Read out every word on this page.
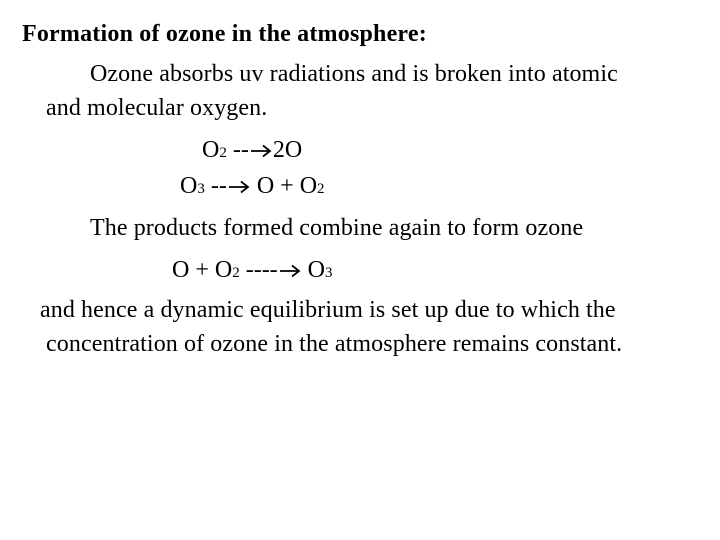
Formation of ozone in the atmosphere:
Ozone absorbs uv radiations and is broken into atomic
and molecular oxygen.
O 2 -- 2O
O 3 -- O + O 2
The products formed combine again to form ozone
O + O 2 ---- O 3
and hence a dynamic equilibrium is set up due to which the
concentration of ozone in the atmosphere remains constant.
